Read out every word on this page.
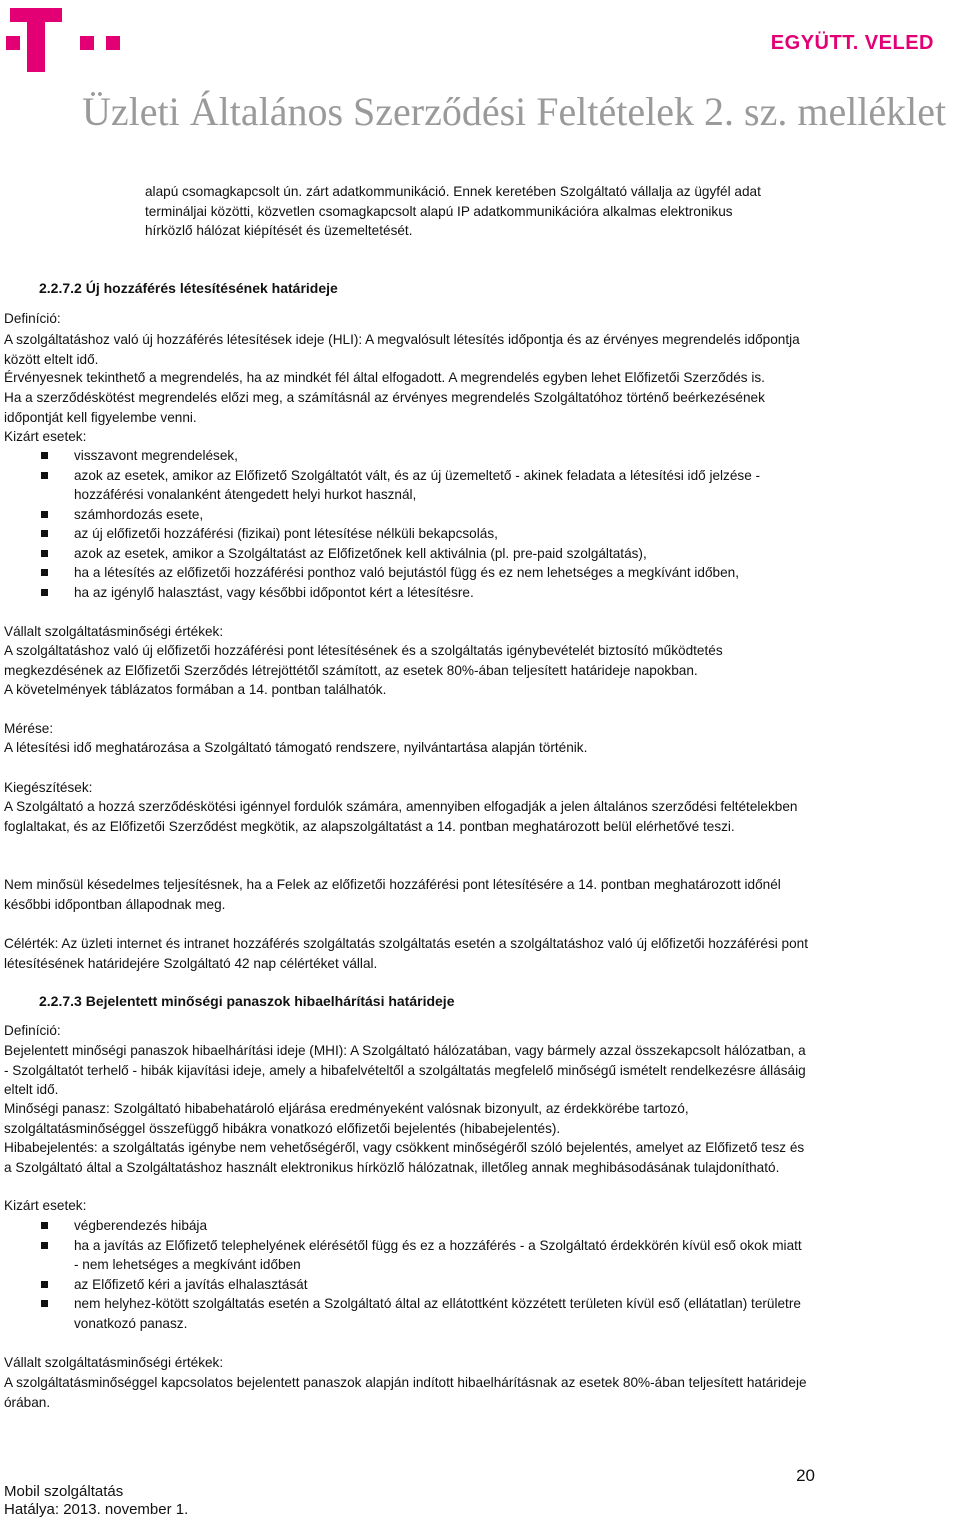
EGYÜTT. VELED
Üzleti Általános Szerződési Feltételek 2. sz. melléklet
alapú csomagkapcsolt ún. zárt adatkommunikáció. Ennek keretében Szolgáltató vállalja az ügyfél adat termináljai közötti, közvetlen csomagkapcsolt alapú IP adatkommunikációra alkalmas elektronikus hírközlő hálózat kiépítését és üzemeltetését.
2.2.7.2 Új hozzáférés létesítésének határideje
Definíció:
A szolgáltatáshoz való új hozzáférés létesítések ideje (HLI): A megvalósult létesítés időpontja és az érvényes megrendelés időpontja között eltelt idő.
Érvényesnek tekinthető a megrendelés, ha az mindkét fél által elfogadott. A megrendelés egyben lehet Előfizetői Szerződés is.
Ha a szerződéskötést megrendelés előzi meg, a számításnál az érvényes megrendelés Szolgáltatóhoz történő beérkezésének időpontját kell figyelembe venni.
Kizárt esetek:
visszavont megrendelések,
azok az esetek, amikor az Előfizető Szolgáltatót vált, és az új üzemeltető - akinek feladata a létesítési idő jelzése - hozzáférési vonalanként átengedett helyi hurkot használ,
számhordozás esete,
az új előfizetői hozzáférési (fizikai) pont létesítése nélküli bekapcsolás,
azok az esetek, amikor a Szolgáltatást az Előfizetőnek kell aktiválnia (pl. pre-paid szolgáltatás),
ha a létesítés az előfizetői hozzáférési ponthoz való bejutástól függ és ez nem lehetséges a megkívánt időben,
ha az igénylő halasztást, vagy későbbi időpontot kért a létesítésre.
Vállalt szolgáltatásminőségi értékek:
A szolgáltatáshoz való új előfizetői hozzáférési pont létesítésének és a szolgáltatás igénybevételét biztosító működtetés megkezdésének az Előfizetői Szerződés létrejöttétől számított, az esetek 80%-ában teljesített határideje napokban.
A követelmények táblázatos formában a 14. pontban találhatók.
Mérése:
A létesítési idő meghatározása a Szolgáltató támogató rendszere, nyilvántartása alapján történik.
Kiegészítések:
A Szolgáltató a hozzá szerződéskötési igénnyel fordulók számára, amennyiben elfogadják a jelen általános szerződési feltételekben foglaltakat, és az Előfizetői Szerződést megkötik, az alapszolgáltatást a 14. pontban meghatározott belül elérhetővé teszi.
Nem minősül késedelmes teljesítésnek, ha a Felek az előfizetői hozzáférési pont létesítésére a 14. pontban meghatározott időnél későbbi időpontban állapodnak meg.
Célérték: Az üzleti internet és intranet hozzáférés szolgáltatás szolgáltatás esetén a szolgáltatáshoz való új előfizetői hozzáférési pont létesítésének határidejére Szolgáltató 42 nap célértéket vállal.
2.2.7.3 Bejelentett minőségi panaszok hibaelhárítási határideje
Definíció:
Bejelentett minőségi panaszok hibaelhárítási ideje (MHI): A Szolgáltató hálózatában, vagy bármely azzal összekapcsolt hálózatban, a - Szolgáltatót terhelő - hibák kijavítási ideje, amely a hibafelvételtől a szolgáltatás megfelelő minőségű ismételt rendelkezésre állásáig eltelt idő.
Minőségi panasz: Szolgáltató hibabehatároló eljárása eredményeként valósnak bizonyult, az érdekkörébe tartozó, szolgáltatásminőséggel összefüggő hibákra vonatkozó előfizetői bejelentés (hibabejelentés).
Hibabejelentés: a szolgáltatás igénybe nem vehetőségéről, vagy csökkent minőségéről szóló bejelentés, amelyet az Előfizető tesz és a Szolgáltató által a Szolgáltatáshoz használt elektronikus hírközlő hálózatnak, illetőleg annak meghibásodásának tulajdonítható.
Kizárt esetek:
végberendezés hibája
ha a javítás az Előfizető telephelyének elérésétől függ és ez a hozzáférés - a Szolgáltató érdekkörén kívül eső okok miatt - nem lehetséges a megkívánt időben
az Előfizető kéri a javítás elhalasztását
nem helyhez-kötött szolgáltatás esetén a Szolgáltató által az ellátottként közzétett területen kívül eső (ellátatlan) területre vonatkozó panasz.
Vállalt szolgáltatásminőségi értékek:
A szolgáltatásminőséggel kapcsolatos bejelentett panaszok alapján indított hibaelhárításnak az esetek 80%-ában teljesített határideje órában.
20
Mobil szolgáltatás
Hatálya: 2013. november 1.
